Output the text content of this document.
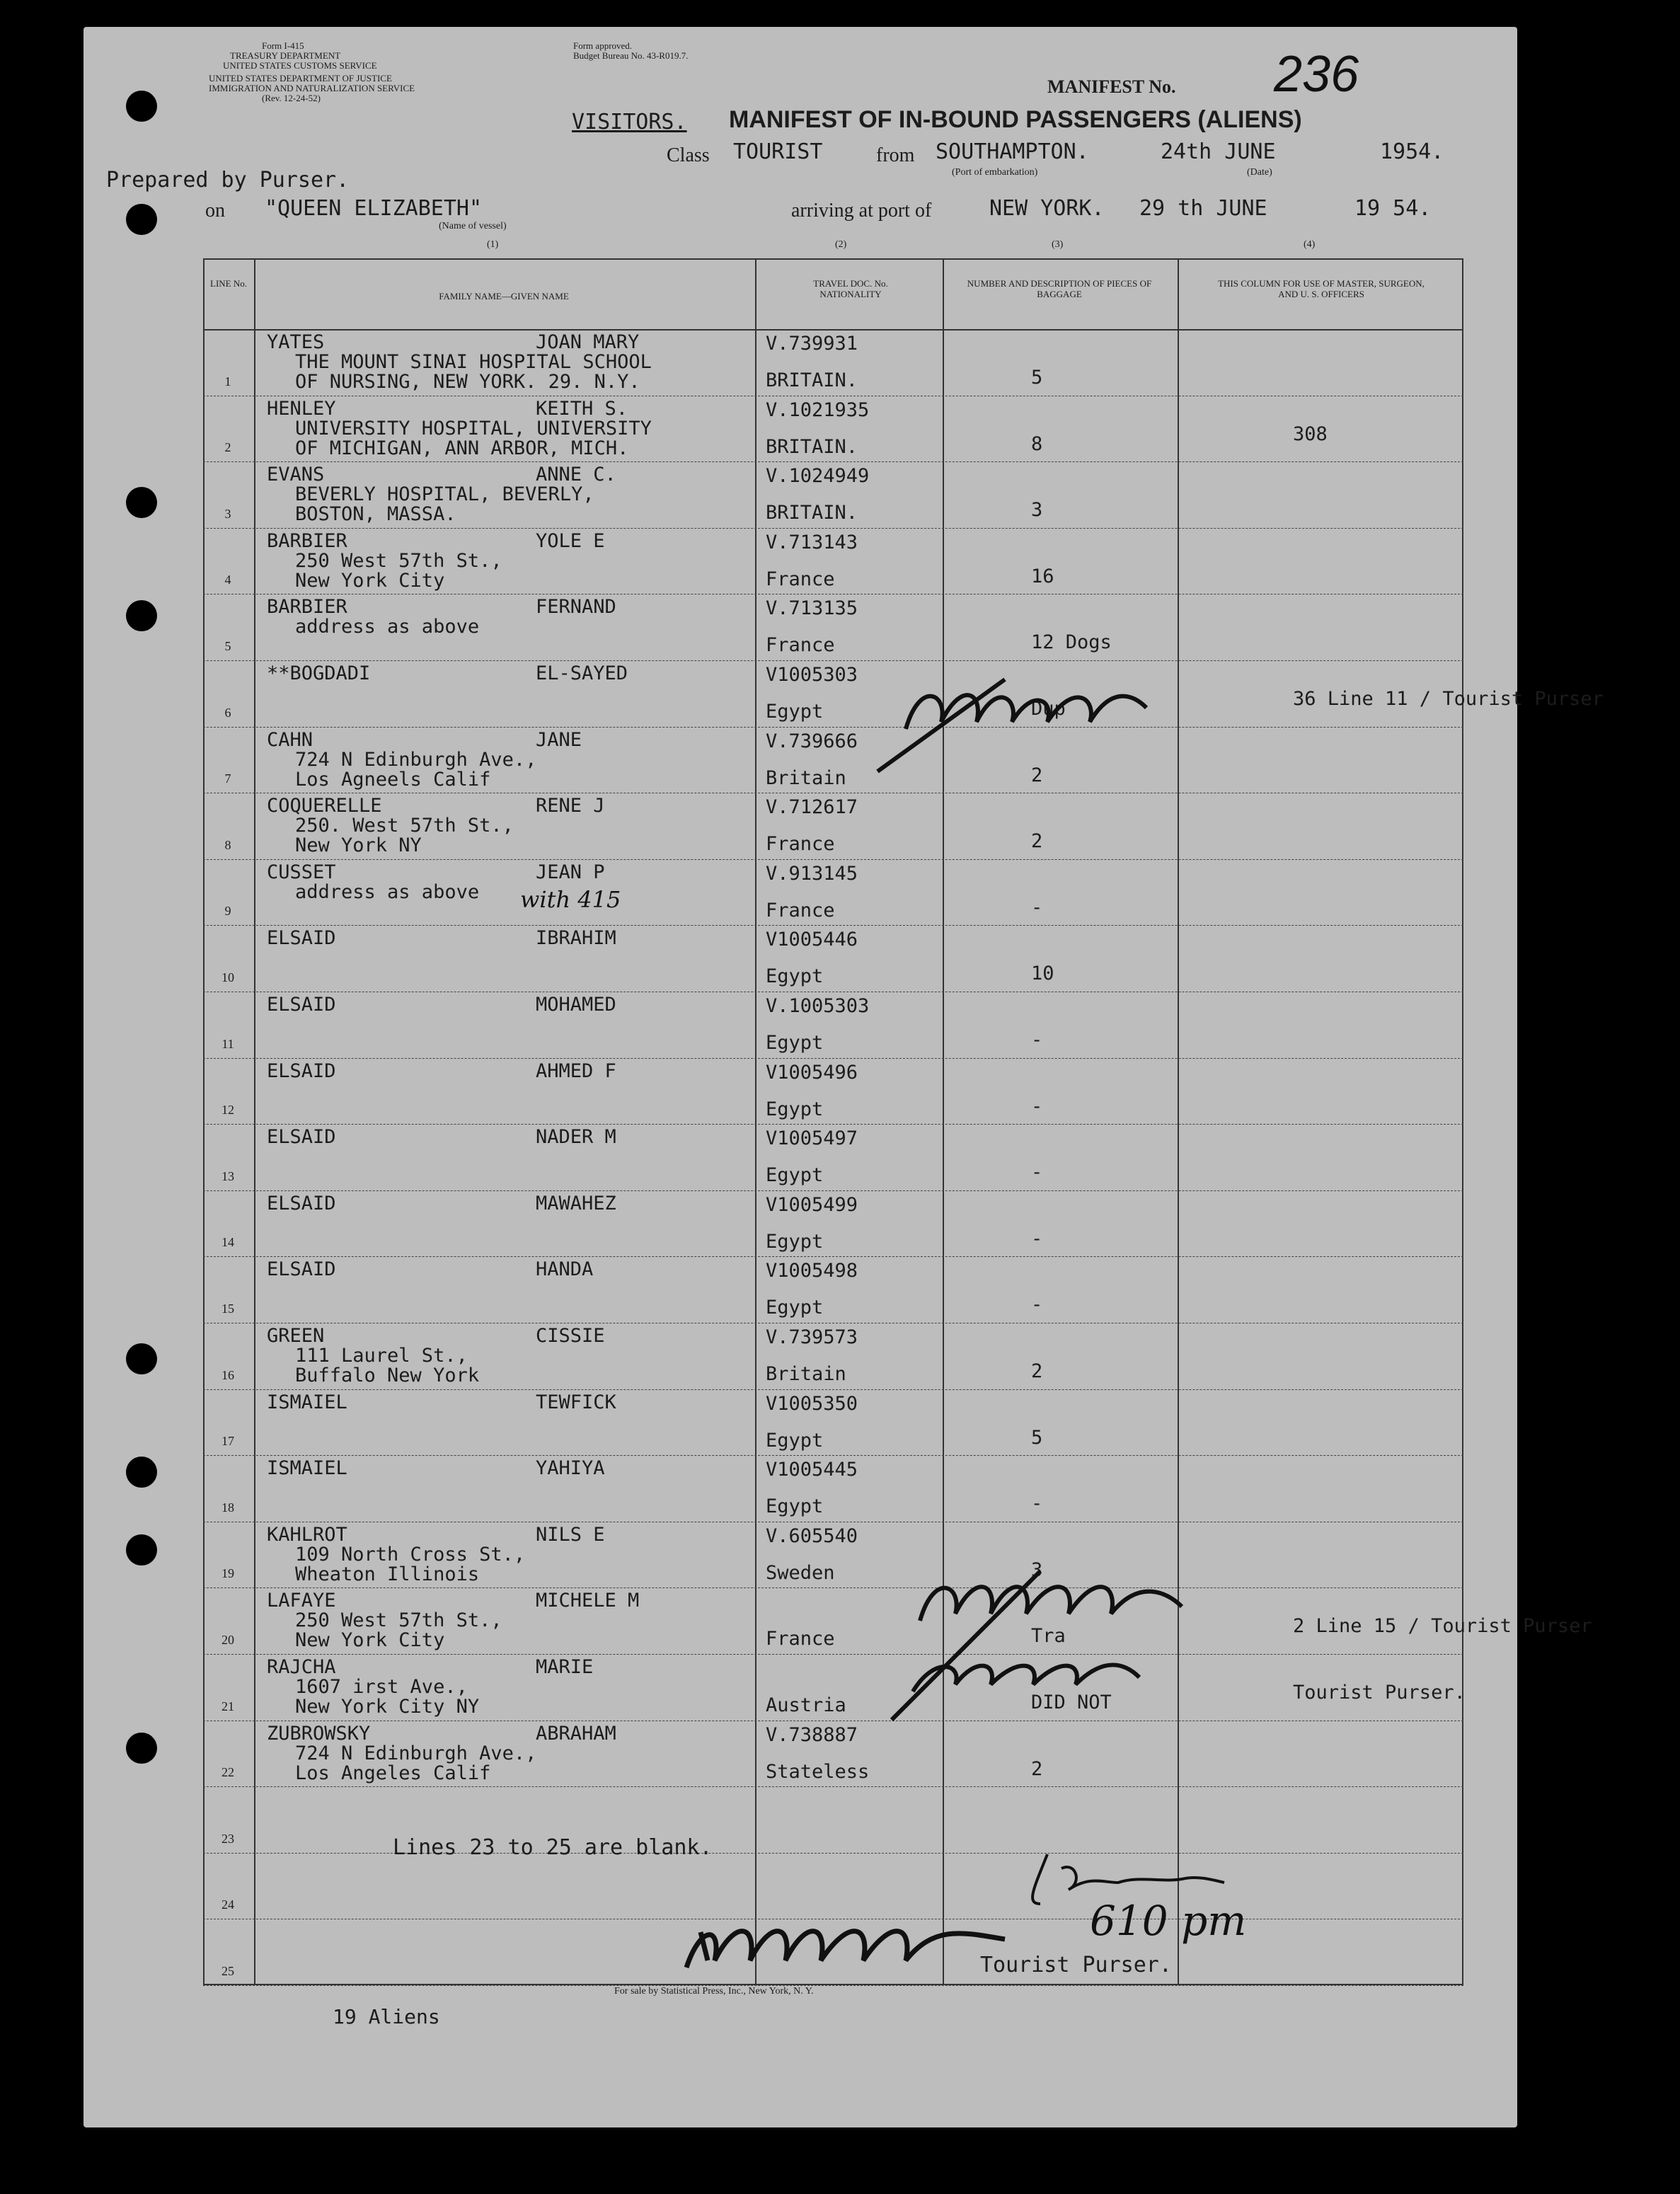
Form I-415
TREASURY DEPARTMENT
UNITED STATES CUSTOMS SERVICE
UNITED STATES DEPARTMENT OF JUSTICE
IMMIGRATION AND NATURALIZATION SERVICE
(Rev. 12-24-52)
Form approved.
Budget Bureau No. 43-R019.7.
VISITORS. MANIFEST OF IN-BOUND PASSENGERS (ALIENS)
MANIFEST No. 236
Class TOURIST	from SOUTHAMPTON.	24th JUNE	1954.
(Port of embarkation)	(Date)
Prepared by Purser.
on "QUEEN ELIZABETH"
(Name of vessel)
arriving at port of	NEW YORK. 29 th JUNE	19 54.
(1)	(2)	(3)	(4)
LINE No.
FAMILY NAME—GIVEN NAME
TRAVEL DOC. No. NATIONALITY
NUMBER AND DESCRIPTION OF PIECES OF BAGGAGE
THIS COLUMN FOR USE OF MASTER, SURGEON, AND U. S. OFFICERS
1
YATES	JOAN MARY
THE MOUNT SINAI HOSPITAL SCHOOL
OF NURSING, NEW YORK. 29. N.Y.
V.739931
BRITAIN.	5
2
HENLEY	KEITH S.
UNIVERSITY HOSPITAL, UNIVERSITY
OF MICHIGAN, ANN ARBOR, MICH.
V.1021935
BRITAIN.	8	308
3
EVANS	ANNE C.
BEVERLY HOSPITAL, BEVERLY,
BOSTON, MASSA.
V.1024949
BRITAIN.	3
4
BARBIER	YOLE E
250 West 57th St.,
New York City
V.713143
France	16
5
BARBIER	FERNAND
address as above
V.713135
France	12 Dogs
6
**BOGDADI	EL-SAYED	V1005303
Egypt	Dup	36 Line 11 / Tourist Purser
7
CAHN	JANE
724 N Edinburgh Ave.,
Los Agneels Calif
V.739666
Britain	2
8
COQUERELLE	RENE J
250. West 57th St.,
New York NY
V.712617
France	2
9
CUSSET	JEAN P
address as above
V.913145
France	-
10
ELSAID	IBRAHIM	V1005446
Egypt	10
11
ELSAID	MOHAMED	V.1005303
Egypt	-
12
ELSAID	AHMED F	V1005496
Egypt	-
13
ELSAID	NADER M	V1005497
Egypt	-
14
ELSAID	MAWAHEZ	V1005499
Egypt	-
15
ELSAID	HANDA	V1005498
Egypt	-
16
GREEN	CISSIE
111 Laurel St.,
Buffalo New York
V.739573
Britain	2
17
ISMAIEL	TEWFICK	V1005350
Egypt	5
18
ISMAIEL	YAHIYA	V1005445
Egypt	-
19
KAHLROT	NILS E
109 North Cross St.,
Wheaton Illinois
V.605540
Sweden	3
20
LAFAYE	MICHELE M
250 West 57th St.,
New York City	France	Tra	2 Line 15 / Tourist Purser
21
RAJCHA	MARIE
1607 irst Ave.,
New York City NY	Austria	DID NOT	Tourist Purser.
22
ZUBROWSKY	ABRAHAM
724 N Edinburgh Ave.,
Los Angeles Calif
V.738887
Stateless	2
23
24
25
with 415
Lines 23 to 25 are blank.
610 pm
Tourist Purser.
For sale by Statistical Press, Inc., New York, N. Y.
19 Aliens
